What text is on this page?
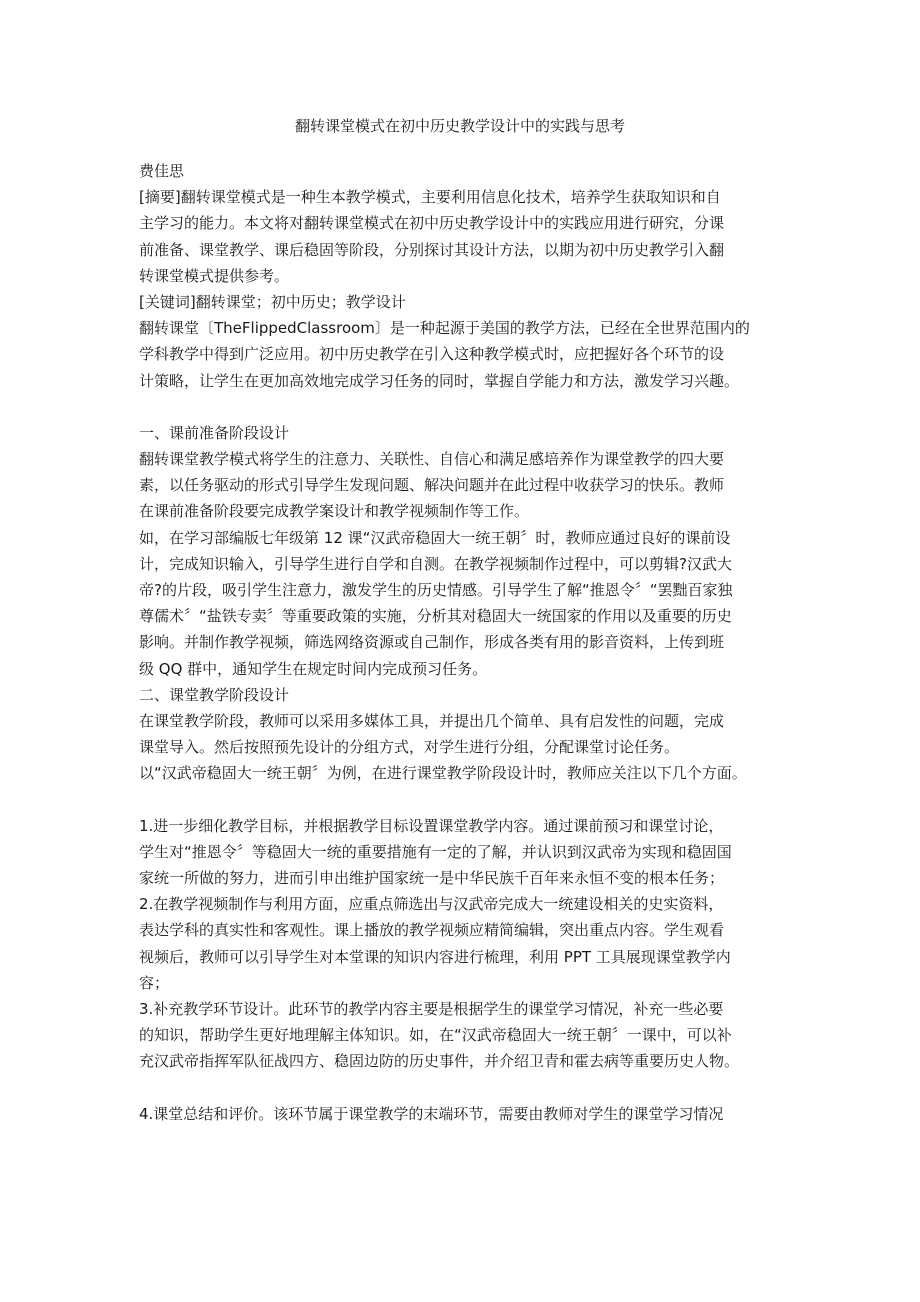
翻转课堂模式在初中历史教学设计中的实践与思考
费佳思
[摘要]翻转课堂模式是一种生本教学模式，主要利用信息化技术，培养学生获取知识和自
主学习的能力。本文将对翻转课堂模式在初中历史教学设计中的实践应用进行研究，分课
前准备、课堂教学、课后稳固等阶段，分别探讨其设计方法，以期为初中历史教学引入翻
转课堂模式提供参考。
[关键词]翻转课堂；初中历史；教学设计
翻转课堂〔TheFlippedClassroom〕是一种起源于美国的教学方法，已经在全世界范围内的
学科教学中得到广泛应用。初中历史教学在引入这种教学模式时，应把握好各个环节的设
计策略，让学生在更加高效地完成学习任务的同时，掌握自学能力和方法，激发学习兴趣。
一、课前准备阶段设计
翻转课堂教学模式将学生的注意力、关联性、自信心和满足感培养作为课堂教学的四大要
素，以任务驱动的形式引导学生发现问题、解决问题并在此过程中收获学习的快乐。教师
在课前准备阶段要完成教学案设计和教学视频制作等工作。
如，在学习部编版七年级第 12 课“汉武帝稳固大一统王朝〞时，教师应通过良好的课前设
计，完成知识输入，引导学生进行自学和自测。在教学视频制作过程中，可以剪辑?汉武大
帝?的片段，吸引学生注意力，激发学生的历史情感。引导学生了解“推恩令〞“罢黜百家独
尊儒术〞“盐铁专卖〞等重要政策的实施，分析其对稳固大一统国家的作用以及重要的历史
影响。并制作教学视频，筛选网络资源或自己制作，形成各类有用的影音资料，上传到班
级 QQ 群中，通知学生在规定时间内完成预习任务。
二、课堂教学阶段设计
在课堂教学阶段，教师可以采用多媒体工具，并提出几个简单、具有启发性的问题，完成
课堂导入。然后按照预先设计的分组方式，对学生进行分组，分配课堂讨论任务。
以“汉武帝稳固大一统王朝〞为例，在进行课堂教学阶段设计时，教师应关注以下几个方面。
1.进一步细化教学目标，并根据教学目标设置课堂教学内容。通过课前预习和课堂讨论，
学生对“推恩令〞等稳固大一统的重要措施有一定的了解，并认识到汉武帝为实现和稳固国
家统一所做的努力，进而引申出维护国家统一是中华民族千百年来永恒不变的根本任务；
2.在教学视频制作与利用方面，应重点筛选出与汉武帝完成大一统建设相关的史实资料，
表达学科的真实性和客观性。课上播放的教学视频应精简编辑，突出重点内容。学生观看
视频后，教师可以引导学生对本堂课的知识内容进行梳理，利用 PPT 工具展现课堂教学内
容；
3.补充教学环节设计。此环节的教学内容主要是根据学生的课堂学习情况，补充一些必要
的知识，帮助学生更好地理解主体知识。如，在“汉武帝稳固大一统王朝〞一课中，可以补
充汉武帝指挥军队征战四方、稳固边防的历史事件，并介绍卫青和霍去病等重要历史人物。
4.课堂总结和评价。该环节属于课堂教学的末端环节，需要由教师对学生的课堂学习情况
